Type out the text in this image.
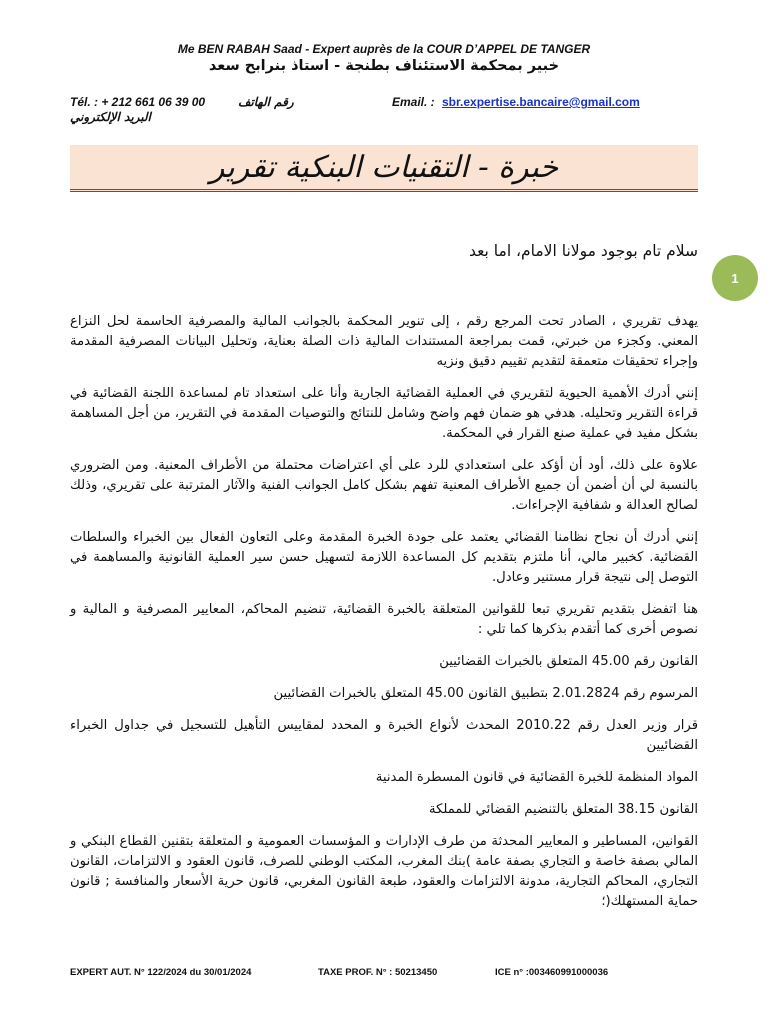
Me BEN RABAH Saad - Expert auprès de la COUR D’APPEL DE TANGER
خبير بمحكمة الاستئناف بطنجة - استاذ بنرابح سعد
Tél. : + 212 661 06 39 00	رقم الهاتف	Email. : sbr.expertise.bancaire@gmail.com
البريد الإلكتروني
خبرة - التقنيات البنكية تقرير
1
سلام تام بوجود مولانا الامام، اما بعد

يهدف تقريري ، الصادر تحت المرجع رقم ، إلى تنوير المحكمة بالجوانب المالية والمصرفية الحاسمة لحل النزاع المعني. وكجزء من خبرتي، قمت بمراجعة المستندات المالية ذات الصلة بعناية، وتحليل البيانات المصرفية المقدمة وإجراء تحقيقات متعمقة لتقديم تقييم دقيق ونزيه

إنني أدرك الأهمية الحيوية لتقريري في العملية القضائية الجارية وأنا على استعداد تام لمساعدة اللجنة القضائية في قراءة التقرير وتحليله. هدفي هو ضمان فهم واضح وشامل للنتائج والتوصيات المقدمة في التقرير، من أجل المساهمة بشكل مفيد في عملية صنع القرار في المحكمة.

علاوة على ذلك، أود أن أؤكد على استعدادي للرد على أي اعتراضات محتملة من الأطراف المعنية. ومن الضروري بالنسبة لي أن أضمن أن جميع الأطراف المعنية تفهم بشكل كامل الجوانب الفنية والآثار المترتبة على تقريري، وذلك لصالح العدالة و شفافية الإجراءات.

إنني أدرك أن نجاح نظامنا القضائي يعتمد على جودة الخبرة المقدمة وعلى التعاون الفعال بين الخبراء والسلطات القضائية. كخبير مالي، أنا ملتزم بتقديم كل المساعدة اللازمة لتسهيل حسن سير العملية القانونية والمساهمة في التوصل إلى نتيجة قرار مستنير وعادل.

هنا اتفضل بتقديم تقريري تبعا للقوانين المتعلقة بالخبرة القضائية، تنضيم المحاكم، المعايير المصرفية و المالية و نصوص أخرى كما أتقدم بذكرها كما تلي :

القانون رقم 45.00 المتعلق بالخبرات القضائيين

المرسوم رقم 2.01.2824 بتطبيق القانون 45.00 المتعلق بالخبرات القضائيين

قرار وزير العدل رقم 2010.22 المحدث لأنواع الخبرة و المحدد لمقاييس التأهيل للتسجيل في جداول الخبراء القضائيين

المواد المنظمة للخبرة القضائية في قانون المسطرة المدنية

القانون 38.15 المتعلق بالتنضيم القضائي للمملكة

القوانين، المساطير و المعايير المحدثة من طرف الإدارات و المؤسسات العمومية و المتعلقة بتقنين القطاع البنكي و المالي بصفة خاصة و التجاري بصفة عامة )بنك المغرب، المكتب الوطني للصرف، قانون العقود و الالتزامات، القانون التجاري، المحاكم التجارية، مدونة الالتزامات والعقود، طبعة القانون المغربي، قانون حرية الأسعار والمنافسة ; قانون حماية المستهلك(؛

EXPERT AUT. N° 122/2024 du 30/01/2024	TAXE PROF. N° : 50213450	ICE n° :003460991000036
